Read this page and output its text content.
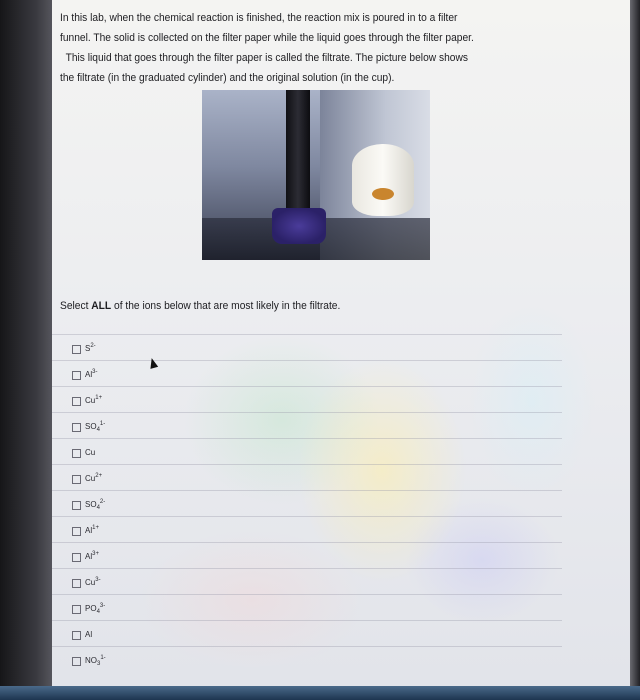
In this lab, when the chemical reaction is finished, the reaction mix is poured in to a filter
funnel. The solid is collected on the filter paper while the liquid goes through the filter paper.
This liquid that goes through the filter paper is called the filtrate. The picture below shows
the filtrate (in the graduated cylinder) and the original solution (in the cup).
Select ALL of the ions below that are most likely in the filtrate.
$S^{2-}$
$Al^{3-}$
$Cu^{1+}$
$SO_4^{1-}$
Cu
$Cu^{2+}$
$SO_4^{2-}$
$Al^{1+}$
$Al^{3+}$
$Cu^{3-}$
$PO_4^{3-}$
Al
$NO_3^{1-}$
